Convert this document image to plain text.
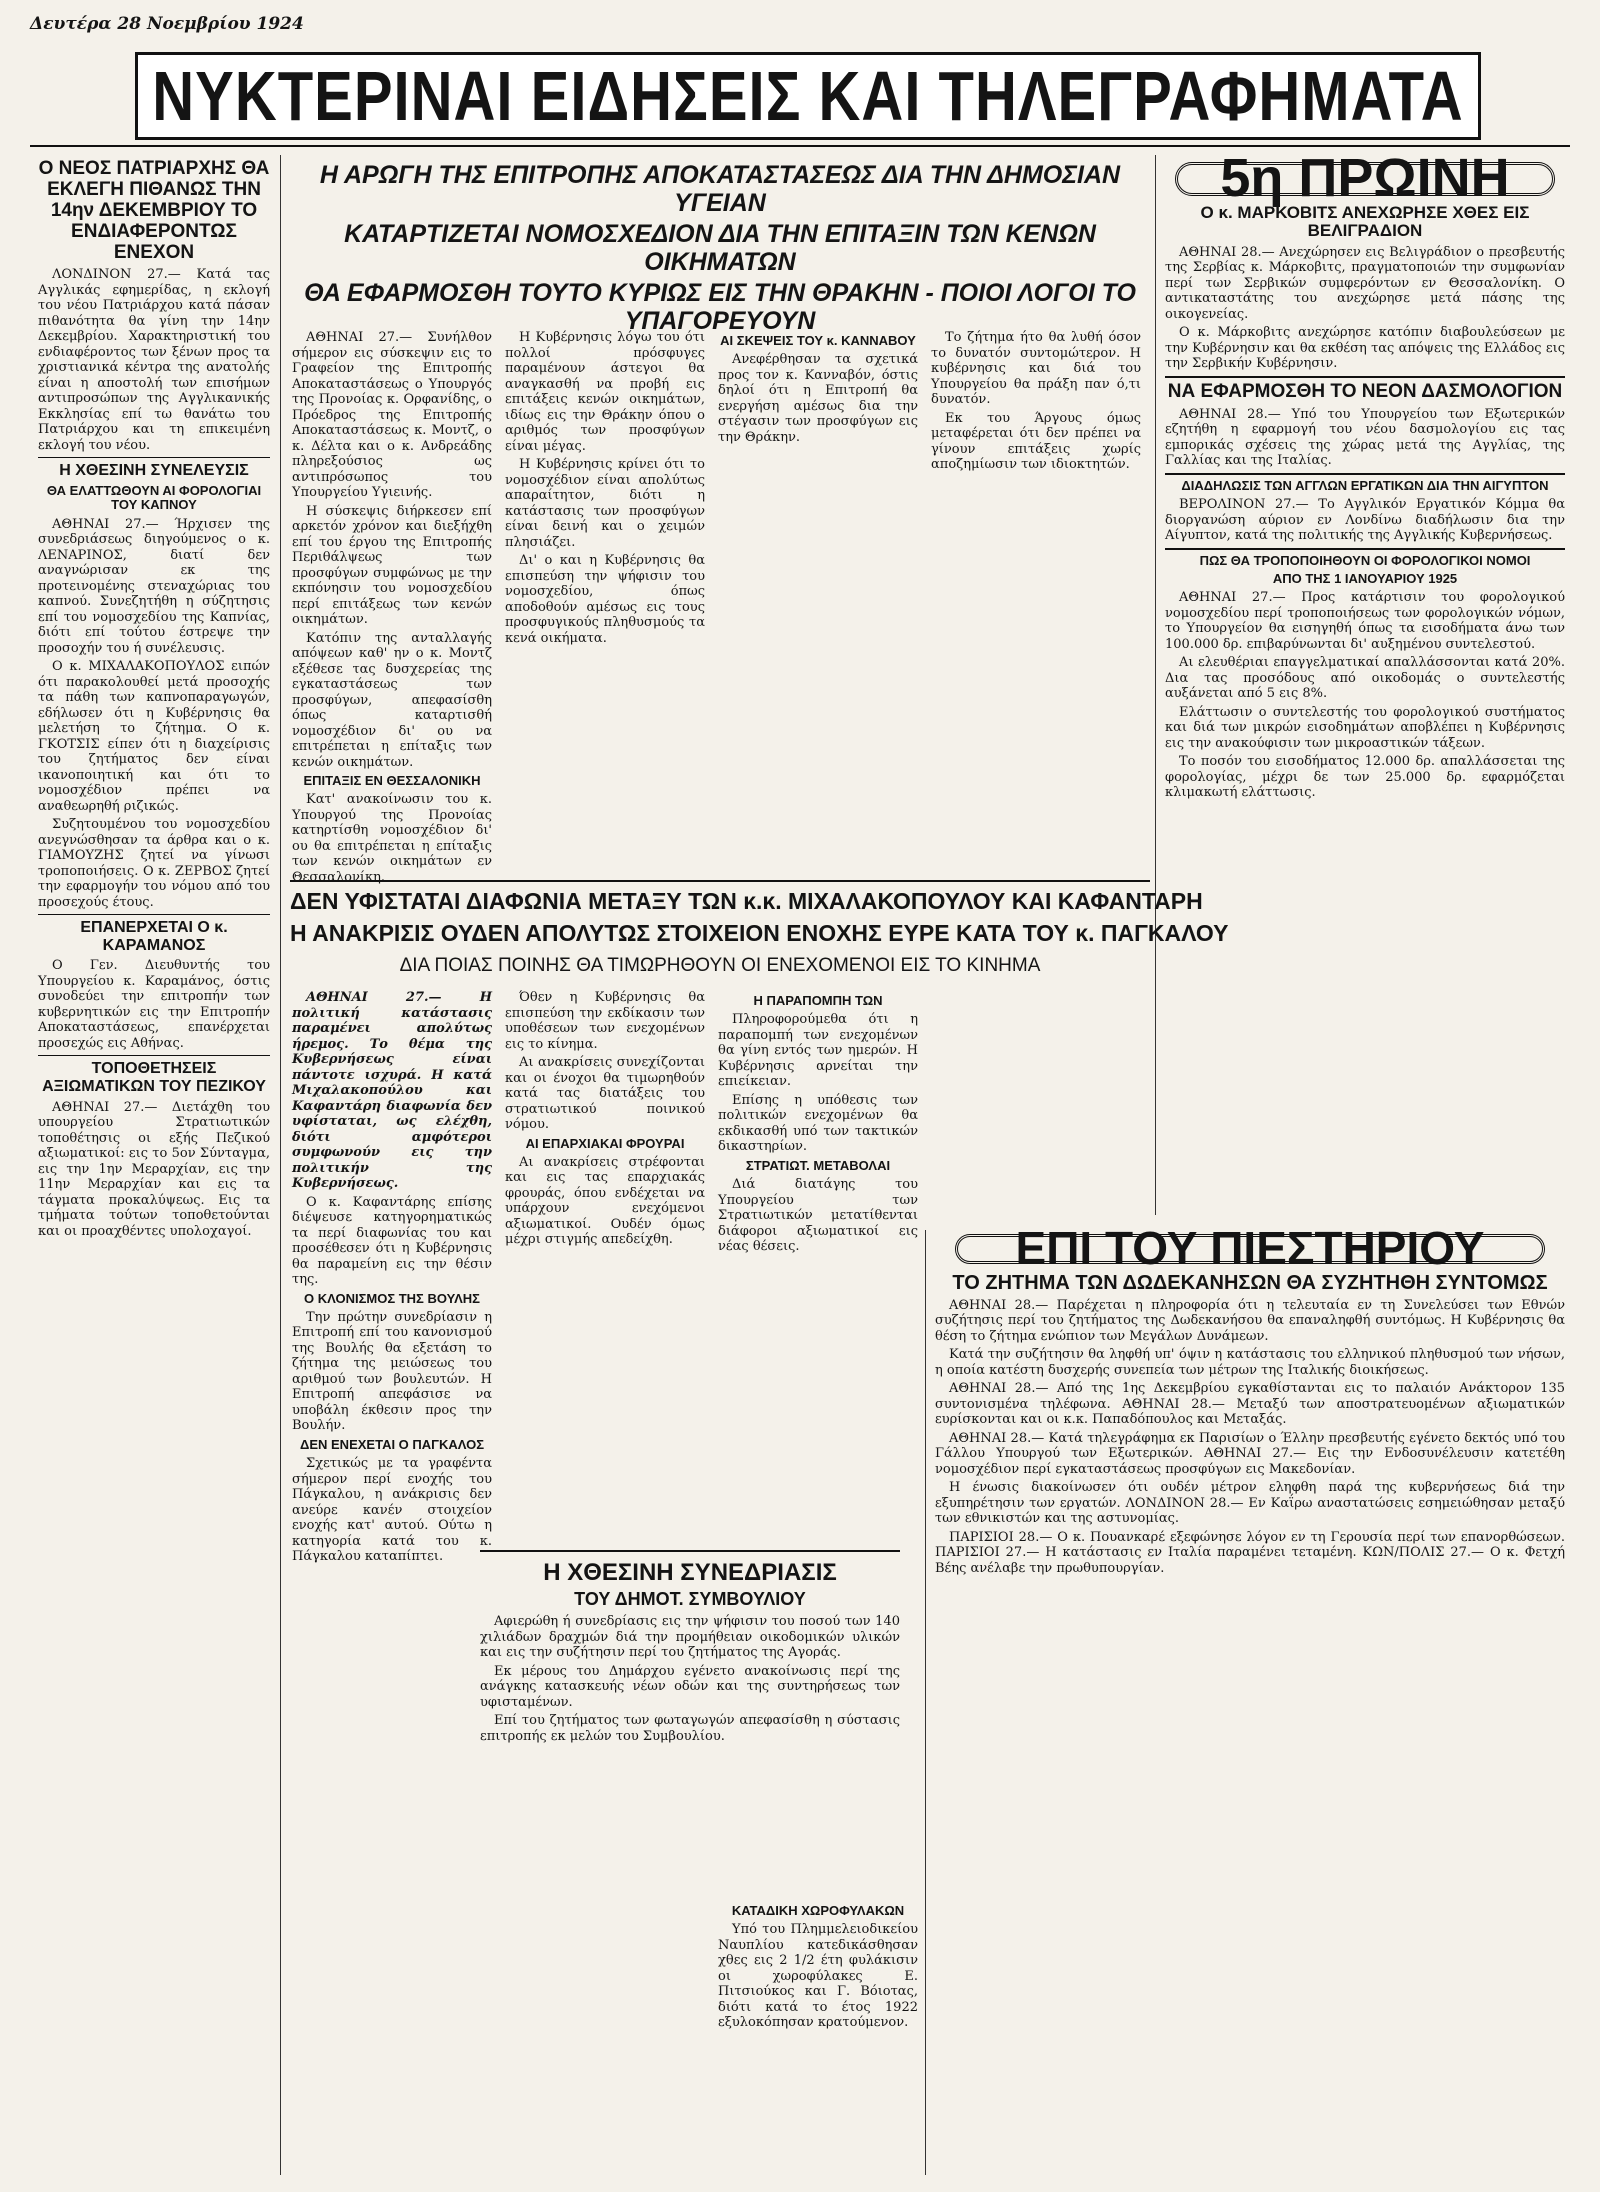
Δευτέρα 28 Νοεμβρίου 1924
ΝΥΚΤΕΡΙΝΑΙ ΕΙΔΗΣΕΙΣ ΚΑΙ ΤΗΛΕΓΡΑΦΗΜΑΤΑ
Ο ΝΕΟΣ ΠΑΤΡΙΑΡΧΗΣ ΘΑ ΕΚΛΕΓΗ ΠΙΘΑΝΩΣ ΤΗΝ 14ην ΔΕΚΕΜΒΡΙΟΥ ΤΟ ΕΝΔΙΑΦΕΡΟΝΤΩΣ ΕΝΕΧΟΝ

ΛΟΝΔΙΝΟΝ 27.— Κατά τας Αγγλικάς εφημερίδας, η εκλογή του νέου Πατριάρχου κατά πάσαν πιθανότητα θα γίνη την 14ην Δεκεμβρίου. Χαρακτηριστική του ενδιαφέροντος των ξένων προς τα χριστιανικά κέντρα της ανατολής είναι η αποστολή των επισήμων αντιπροσώπων της Αγγλικανικής Εκκλησίας επί τω θανάτω του Πατριάρχου και τη επικειμένη εκλογή του νέου.

Η ΧΘΕΣΙΝΗ ΣΥΝΕΛΕΥΣΙΣ
ΘΑ ΕΛΑΤΤΩΘΟΥΝ ΑΙ ΦΟΡΟΛΟΓΙΑΙ ΤΟΥ ΚΑΠΝΟΥ

ΑΘΗΝΑΙ 27.— Ήρχισεν της συνεδριάσεως διηγούμενος ο κ. ΛΕΝΑΡΙΝΟΣ, διατί δεν αναγνώρισαν εκ της προτεινομένης στεναχώριας του καπνού. Συνεζητήθη η σύζητησις επί του νομοσχεδίου της Καπνίας, διότι επί τούτου έστρεψε την προσοχήν του ή συνέλευσις.

Ο κ. ΜΙΧΑΛΑΚΟΠΟΥΛΟΣ ειπών ότι παρακολουθεί μετά προσοχής τα πάθη των καπνοπαραγωγών, εδήλωσεν ότι η Κυβέρνησις θα μελετήση το ζήτημα. Ο κ. ΓΚΟΤΣΙΣ είπεν ότι η διαχείρισις του ζητήματος δεν είναι ικανοποιητική και ότι το νομοσχέδιον πρέπει να αναθεωρηθή ριζικώς.

Συζητουμένου του νομοσχεδίου ανεγνώσθησαν τα άρθρα και ο κ. ΓΙΑΜΟΥΖΗΣ ζητεί να γίνωσι τροποποιήσεις. Ο κ. ΖΕΡΒΟΣ ζητεί την εφαρμογήν του νόμου από του προσεχούς έτους.

ΕΠΑΝΕΡΧΕΤΑΙ Ο κ. ΚΑΡΑΜΑΝΟΣ

Ο Γεν. Διευθυντής του Υπουργείου κ. Καραμάνος, όστις συνοδεύει την επιτροπήν των κυβερνητικών εις την Επιτροπήν Αποκαταστάσεως, επανέρχεται προσεχώς εις Αθήνας.

ΤΟΠΟΘΕΤΗΣΕΙΣ ΑΞΙΩΜΑΤΙΚΩΝ ΤΟΥ ΠΕΖΙΚΟΥ

ΑΘΗΝΑΙ 27.— Διετάχθη του υπουργείου Στρατιωτικών τοποθέτησις οι εξής Πεζικού αξιωματικοί: εις το 5ον Σύνταγμα, εις την 1ην Μεραρχίαν, εις την 11ην Μεραρχίαν και εις τα τάγματα προκαλύψεως. Εις τα τμήματα τούτων τοποθετούνται και οι προαχθέντες υπολοχαγοί.

Η ΑΡΩΓΗ ΤΗΣ ΕΠΙΤΡΟΠΗΣ ΑΠΟΚΑΤΑΣΤΑΣΕΩΣ ΔΙΑ ΤΗΝ ΔΗΜΟΣΙΑΝ ΥΓΕΙΑΝ
ΚΑΤΑΡΤΙΖΕΤΑΙ ΝΟΜΟΣΧΕΔΙΟΝ ΔΙΑ ΤΗΝ ΕΠΙΤΑΞΙΝ ΤΩΝ ΚΕΝΩΝ ΟΙΚΗΜΑΤΩΝ
ΘΑ ΕΦΑΡΜΟΣΘΗ ΤΟΥΤΟ ΚΥΡΙΩΣ ΕΙΣ ΤΗΝ ΘΡΑΚΗΝ - ΠΟΙΟΙ ΛΟΓΟΙ ΤΟ ΥΠΑΓΟΡΕΥΟΥΝ

ΑΘΗΝΑΙ 27.— Συνήλθον σήμερον εις σύσκεψιν εις το Γραφείον της Επιτροπής Αποκαταστάσεως ο Υπουργός της Προνοίας κ. Ορφανίδης, ο Πρόεδρος της Επιτροπής Αποκαταστάσεως κ. Μοντζ, ο κ. Δέλτα και ο κ. Ανδρεάδης πληρεξούσιος ως αντιπρόσωπος του Υπουργείου Υγιεινής.

Η σύσκεψις διήρκεσεν επί αρκετόν χρόνον και διεξήχθη επί του έργου της Επιτροπής Περιθάλψεως των προσφύγων συμφώνως με την εκπόνησιν του νομοσχεδίου περί επιτάξεως των κενών οικημάτων.

Κατόπιν της ανταλλαγής απόψεων καθ' ην ο κ. Μοντζ εξέθεσε τας δυσχερείας της εγκαταστάσεως των προσφύγων, απεφασίσθη όπως καταρτισθή νομοσχέδιον δι' ου να επιτρέπεται η επίταξις των κενών οικημάτων.

ΕΠΙΤΑΞΙΣ ΕΝ ΘΕΣΣΑΛΟΝΙΚΗ

Κατ' ανακοίνωσιν του κ. Υπουργού της Προνοίας κατηρτίσθη νομοσχέδιον δι' ου θα επιτρέπεται η επίταξις των κενών οικημάτων εν Θεσσαλονίκη.

Η Κυβέρνησις λόγω του ότι πολλοί πρόσφυγες παραμένουν άστεγοι θα αναγκασθή να προβή εις επιτάξεις κενών οικημάτων, ιδίως εις την Θράκην όπου ο αριθμός των προσφύγων είναι μέγας.

Η Κυβέρνησις κρίνει ότι το νομοσχέδιον είναι απολύτως απαραίτητον, διότι η κατάστασις των προσφύγων είναι δεινή και ο χειμών πλησιάζει.

Δι' ο και η Κυβέρνησις θα επισπεύση την ψήφισιν του νομοσχεδίου, όπως αποδοθούν αμέσως εις τους προσφυγικούς πληθυσμούς τα κενά οικήματα.

ΑΙ ΣΚΕΨΕΙΣ ΤΟΥ κ. ΚΑΝΝΑΒΟΥ

Ανεφέρθησαν τα σχετικά προς τον κ. Κανναβόν, όστις δηλοί ότι η Επιτροπή θα ενεργήση αμέσως δια την στέγασιν των προσφύγων εις την Θράκην.

Το ζήτημα ήτο θα λυθή όσον το δυνατόν συντομώτερον. Η κυβέρνησις και διά του Υπουργείου θα πράξη παν ό,τι δυνατόν.

Εκ του Άργους όμως μεταφέρεται ότι δεν πρέπει να γίνουν επιτάξεις χωρίς αποζημίωσιν των ιδιοκτητών.

5η ΠΡΩΙΝΗ
Ο κ. ΜΑΡΚΟΒΙΤΣ ΑΝΕΧΩΡΗΣΕ ΧΘΕΣ ΕΙΣ ΒΕΛΙΓΡΑΔΙΟΝ

ΑΘΗΝΑΙ 28.— Ανεχώρησεν εις Βελιγράδιον ο πρεσβευτής της Σερβίας κ. Μάρκοβιτς, πραγματοποιών την συμφωνίαν περί των Σερβικών συμφερόντων εν Θεσσαλονίκη. Ο αντικαταστάτης του ανεχώρησε μετά πάσης της οικογενείας.

Ο κ. Μάρκοβιτς ανεχώρησε κατόπιν διαβουλεύσεων με την Κυβέρνησιν και θα εκθέση τας απόψεις της Ελλάδος εις την Σερβικήν Κυβέρνησιν.

ΝΑ ΕΦΑΡΜΟΣΘΗ ΤΟ ΝΕΟΝ ΔΑΣΜΟΛΟΓΙΟΝ

ΑΘΗΝΑΙ 28.— Υπό του Υπουργείου των Εξωτερικών εζητήθη η εφαρμογή του νέου δασμολογίου εις τας εμπορικάς σχέσεις της χώρας μετά της Αγγλίας, της Γαλλίας και της Ιταλίας.

ΔΙΑΔΗΛΩΣΙΣ ΤΩΝ ΑΓΓΛΩΝ ΕΡΓΑΤΙΚΩΝ ΔΙΑ ΤΗΝ ΑΙΓΥΠΤΟΝ

ΒΕΡΟΛΙΝΟΝ 27.— Το Αγγλικόν Εργατικόν Κόμμα θα διοργανώση αύριον εν Λονδίνω διαδήλωσιν δια την Αίγυπτον, κατά της πολιτικής της Αγγλικής Κυβερνήσεως.

ΠΩΣ ΘΑ ΤΡΟΠΟΠΟΙΗΘΟΥΝ ΟΙ ΦΟΡΟΛΟΓΙΚΟΙ ΝΟΜΟΙ
ΑΠΟ ΤΗΣ 1 ΙΑΝΟΥΑΡΙΟΥ 1925

ΑΘΗΝΑΙ 27.— Προς κατάρτισιν του φορολογικού νομοσχεδίου περί τροποποιήσεως των φορολογικών νόμων, το Υπουργείον θα εισηγηθή όπως τα εισοδήματα άνω των 100.000 δρ. επιβαρύνωνται δι' αυξημένου συντελεστού.

Αι ελευθέριαι επαγγελματικαί απαλλάσσονται κατά 20%. Δια τας προσόδους από οικοδομάς ο συντελεστής αυξάνεται από 5 εις 8%.

Ελάττωσιν ο συντελεστής του φορολογικού συστήματος και διά των μικρών εισοδημάτων αποβλέπει η Κυβέρνησις εις την ανακούφισιν των μικροαστικών τάξεων.

Το ποσόν του εισοδήματος 12.000 δρ. απαλλάσσεται της φορολογίας, μέχρι δε των 25.000 δρ. εφαρμόζεται κλιμακωτή ελάττωσις.

ΔΕΝ ΥΦΙΣΤΑΤΑΙ ΔΙΑΦΩΝΙΑ ΜΕΤΑΞΥ ΤΩΝ κ.κ. ΜΙΧΑΛΑΚΟΠΟΥΛΟΥ ΚΑΙ ΚΑΦΑΝΤΑΡΗ
Η ΑΝΑΚΡΙΣΙΣ ΟΥΔΕΝ ΑΠΟΛΥΤΩΣ ΣΤΟΙΧΕΙΟΝ ΕΝΟΧΗΣ ΕΥΡΕ ΚΑΤΑ ΤΟΥ κ. ΠΑΓΚΑΛΟΥ
ΔΙΑ ΠΟΙΑΣ ΠΟΙΝΗΣ ΘΑ ΤΙΜΩΡΗΘΟΥΝ ΟΙ ΕΝΕΧΟΜΕΝΟΙ ΕΙΣ ΤΟ ΚΙΝΗΜΑ

ΑΘΗΝΑΙ 27.— Η πολιτική κατάστασις παραμένει απολύτως ήρεμος. Το θέμα της Κυβερνήσεως είναι πάντοτε ισχυρά. Η κατά Μιχαλακοπούλου και Καφαντάρη διαφωνία δεν υφίσταται, ως ελέχθη, διότι αμφότεροι συμφωνούν εις την πολιτικήν της Κυβερνήσεως.

Ο κ. Καφαντάρης επίσης διέψευσε κατηγορηματικώς τα περί διαφωνίας του και προσέθεσεν ότι η Κυβέρνησις θα παραμείνη εις την θέσιν της.

Ο ΚΛΟΝΙΣΜΟΣ ΤΗΣ ΒΟΥΛΗΣ

Την πρώτην συνεδρίασιν η Επιτροπή επί του κανονισμού της Βουλής θα εξετάση το ζήτημα της μειώσεως του αριθμού των βουλευτών. Η Επιτροπή απεφάσισε να υποβάλη έκθεσιν προς την Βουλήν.

ΔΕΝ ΕΝΕΧΕΤΑΙ Ο ΠΑΓΚΑΛΟΣ

Σχετικώς με τα γραφέντα σήμερον περί ενοχής του Πάγκαλου, η ανάκρισις δεν ανεύρε κανέν στοιχείον ενοχής κατ' αυτού. Ούτω η κατηγορία κατά του κ. Πάγκαλου καταπίπτει.

Όθεν η Κυβέρνησις θα επισπεύση την εκδίκασιν των υποθέσεων των ενεχομένων εις το κίνημα.

Αι ανακρίσεις συνεχίζονται και οι ένοχοι θα τιμωρηθούν κατά τας διατάξεις του στρατιωτικού ποινικού νόμου.

ΑΙ ΕΠΑΡΧΙΑΚΑΙ ΦΡΟΥΡΑΙ

Αι ανακρίσεις στρέφονται και εις τας επαρχιακάς φρουράς, όπου ενδέχεται να υπάρχουν ενεχόμενοι αξιωματικοί. Ουδέν όμως μέχρι στιγμής απεδείχθη.

Η ΠΑΡΑΠΟΜΠΗ ΤΩΝ

Πληροφορούμεθα ότι η παραπομπή των ενεχομένων θα γίνη εντός των ημερών. Η Κυβέρνησις αρνείται την επιείκειαν.

Επίσης η υπόθεσις των πολιτικών ενεχομένων θα εκδικασθή υπό των τακτικών δικαστηρίων.

ΣΤΡΑΤΙΩΤ. ΜΕΤΑΒΟΛΑΙ

Διά διατάγης του Υπουργείου των Στρατιωτικών μετατίθενται διάφοροι αξιωματικοί εις νέας θέσεις.

Η ΧΘΕΣΙΝΗ ΣΥΝΕΔΡΙΑΣΙΣ
ΤΟΥ ΔΗΜΟΤ. ΣΥΜΒΟΥΛΙΟΥ

Αφιερώθη ή συνεδρίασις εις την ψήφισιν του ποσού των 140 χιλιάδων δραχμών διά την προμήθειαν οικοδομικών υλικών και εις την συζήτησιν περί του ζητήματος της Αγοράς.

Εκ μέρους του Δημάρχου εγένετο ανακοίνωσις περί της ανάγκης κατασκευής νέων οδών και της συντηρήσεως των υφισταμένων.

Επί του ζητήματος των φωταγωγών απεφασίσθη η σύστασις επιτροπής εκ μελών του Συμβουλίου.

ΚΑΤΑΔΙΚΗ ΧΩΡΟΦΥΛΑΚΩΝ

Υπό του Πλημμελειοδικείου Ναυπλίου κατεδικάσθησαν χθες εις 2 1/2 έτη φυλάκισιν οι χωροφύλακες Ε. Πιτσιούκος και Γ. Βόιοτας, διότι κατά το έτος 1922 εξυλοκόπησαν κρατούμενον.

ΕΠΙ ΤΟΥ ΠΙΕΣΤΗΡΙΟΥ
ΤΟ ΖΗΤΗΜΑ ΤΩΝ ΔΩΔΕΚΑΝΗΣΩΝ ΘΑ ΣΥΖΗΤΗΘΗ ΣΥΝΤΟΜΩΣ

ΑΘΗΝΑΙ 28.— Παρέχεται η πληροφορία ότι η τελευταία εν τη Συνελεύσει των Εθνών συζήτησις περί του ζητήματος της Δωδεκανήσου θα επαναληφθή συντόμως. Η Κυβέρνησις θα θέση το ζήτημα ενώπιον των Μεγάλων Δυνάμεων.

Κατά την συζήτησιν θα ληφθή υπ' όψιν η κατάστασις του ελληνικού πληθυσμού των νήσων, η οποία κατέστη δυσχερής συνεπεία των μέτρων της Ιταλικής διοικήσεως.

ΑΘΗΝΑΙ 28.— Από της 1ης Δεκεμβρίου εγκαθίστανται εις το παλαιόν Ανάκτορον 135 συντονισμένα τηλέφωνα. ΑΘΗΝΑΙ 28.— Μεταξύ των αποστρατευομένων αξιωματικών ευρίσκονται και οι κ.κ. Παπαδόπουλος και Μεταξάς.

ΑΘΗΝΑΙ 28.— Κατά τηλεγράφημα εκ Παρισίων ο Έλλην πρεσβευτής εγένετο δεκτός υπό του Γάλλου Υπουργού των Εξωτερικών. ΑΘΗΝΑΙ 27.— Εις την Ενδοσυνέλευσιν κατετέθη νομοσχέδιον περί εγκαταστάσεως προσφύγων εις Μακεδονίαν.

Η ένωσις διακοίνωσεν ότι ουδέν μέτρον εληφθη παρά της κυβερνήσεως διά την εξυπηρέτησιν των εργατών. ΛΟΝΔΙΝΟΝ 28.— Εν Καΐρω αναστατώσεις εσημειώθησαν μεταξύ των εθνικιστών και της αστυνομίας.

ΠΑΡΙΣΙΟΙ 28.— Ο κ. Πουανκαρέ εξεφώνησε λόγον εν τη Γερουσία περί των επανορθώσεων. ΠΑΡΙΣΙΟΙ 27.— Η κατάστασις εν Ιταλία παραμένει τεταμένη. ΚΩΝ/ΠΟΛΙΣ 27.— Ο κ. Φετχή Βέης ανέλαβε την πρωθυπουργίαν.
